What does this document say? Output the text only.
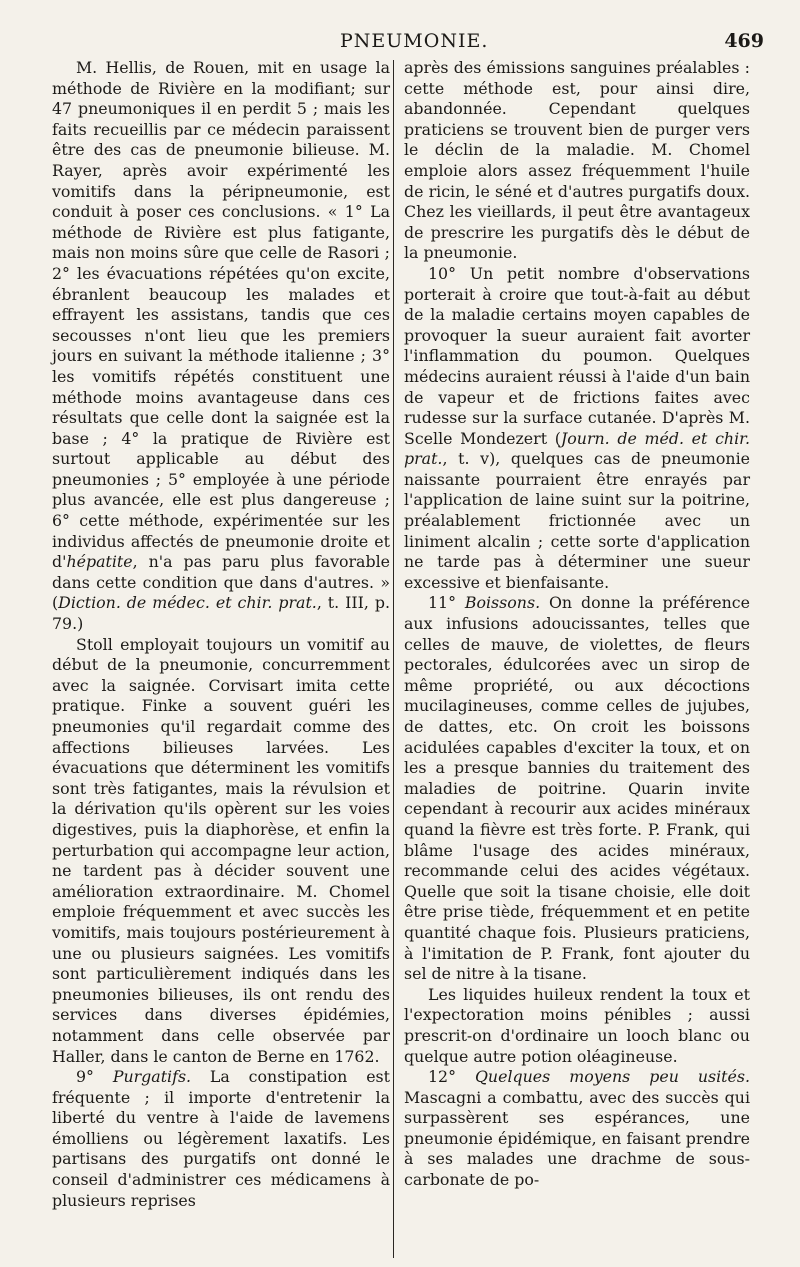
PNEUMONIE.	469

M. Hellis, de Rouen, mit en usage la méthode de Rivière en la modifiant; sur 47 pneumoniques il en perdit 5 ; mais les faits recueillis par ce médecin paraissent être des cas de pneumonie bilieuse. M. Rayer, après avoir expérimenté les vomitifs dans la péripneumonie, est conduit à poser ces conclusions. « 1° La méthode de Rivière est plus fatigante, mais non moins sûre que celle de Rasori ; 2° les évacuations répétées qu'on excite, ébranlent beaucoup les malades et effrayent les assistans, tandis que ces secousses n'ont lieu que les premiers jours en suivant la méthode italienne ; 3° les vomitifs répétés constituent une méthode moins avantageuse dans ces résultats que celle dont la saignée est la base ; 4° la pratique de Rivière est surtout applicable au début des pneumonies ; 5° employée à une période plus avancée, elle est plus dangereuse ; 6° cette méthode, expérimentée sur les individus affectés de pneumonie droite et d'hépatite, n'a pas paru plus favorable dans cette condition que dans d'autres. » (Diction. de médec. et chir. prat., t. III, p. 79.)

Stoll employait toujours un vomitif au début de la pneumonie, concurremment avec la saignée. Corvisart imita cette pratique. Finke a souvent guéri les pneumonies qu'il regardait comme des affections bilieuses larvées. Les évacuations que déterminent les vomitifs sont très fatigantes, mais la révulsion et la dérivation qu'ils opèrent sur les voies digestives, puis la diaphorèse, et enfin la perturbation qui accompagne leur action, ne tardent pas à décider souvent une amélioration extraordinaire. M. Chomel emploie fréquemment et avec succès les vomitifs, mais toujours postérieurement à une ou plusieurs saignées. Les vomitifs sont particulièrement indiqués dans les pneumonies bilieuses, ils ont rendu des services dans diverses épidémies, notamment dans celle observée par Haller, dans le canton de Berne en 1762.

9° Purgatifs. La constipation est fréquente ; il importe d'entretenir la liberté du ventre à l'aide de lavemens émolliens ou légèrement laxatifs. Les partisans des purgatifs ont donné le conseil d'administrer ces médicamens à plusieurs reprises

après des émissions sanguines préalables : cette méthode est, pour ainsi dire, abandonnée. Cependant quelques praticiens se trouvent bien de purger vers le déclin de la maladie. M. Chomel emploie alors assez fréquemment l'huile de ricin, le séné et d'autres purgatifs doux. Chez les vieillards, il peut être avantageux de prescrire les purgatifs dès le début de la pneumonie.

10° Un petit nombre d'observations porterait à croire que tout-à-fait au début de la maladie certains moyen capables de provoquer la sueur auraient fait avorter l'inflammation du poumon. Quelques médecins auraient réussi à l'aide d'un bain de vapeur et de frictions faites avec rudesse sur la surface cutanée. D'après M. Scelle Mondezert (Journ. de méd. et chir. prat., t. v), quelques cas de pneumonie naissante pourraient être enrayés par l'application de laine suint sur la poitrine, préalablement frictionnée avec un liniment alcalin ; cette sorte d'application ne tarde pas à déterminer une sueur excessive et bienfaisante.

11° Boissons. On donne la préférence aux infusions adoucissantes, telles que celles de mauve, de violettes, de fleurs pectorales, édulcorées avec un sirop de même propriété, ou aux décoctions mucilagineuses, comme celles de jujubes, de dattes, etc. On croit les boissons acidulées capables d'exciter la toux, et on les a presque bannies du traitement des maladies de poitrine. Quarin invite cependant à recourir aux acides minéraux quand la fièvre est très forte. P. Frank, qui blâme l'usage des acides minéraux, recommande celui des acides végétaux. Quelle que soit la tisane choisie, elle doit être prise tiède, fréquemment et en petite quantité chaque fois. Plusieurs praticiens, à l'imitation de P. Frank, font ajouter du sel de nitre à la tisane.

Les liquides huileux rendent la toux et l'expectoration moins pénibles ; aussi prescrit-on d'ordinaire un looch blanc ou quelque autre potion oléagineuse.

12° Quelques moyens peu usités. Mascagni a combattu, avec des succès qui surpassèrent ses espérances, une pneumonie épidémique, en faisant prendre à ses malades une drachme de sous-carbonate de po-
